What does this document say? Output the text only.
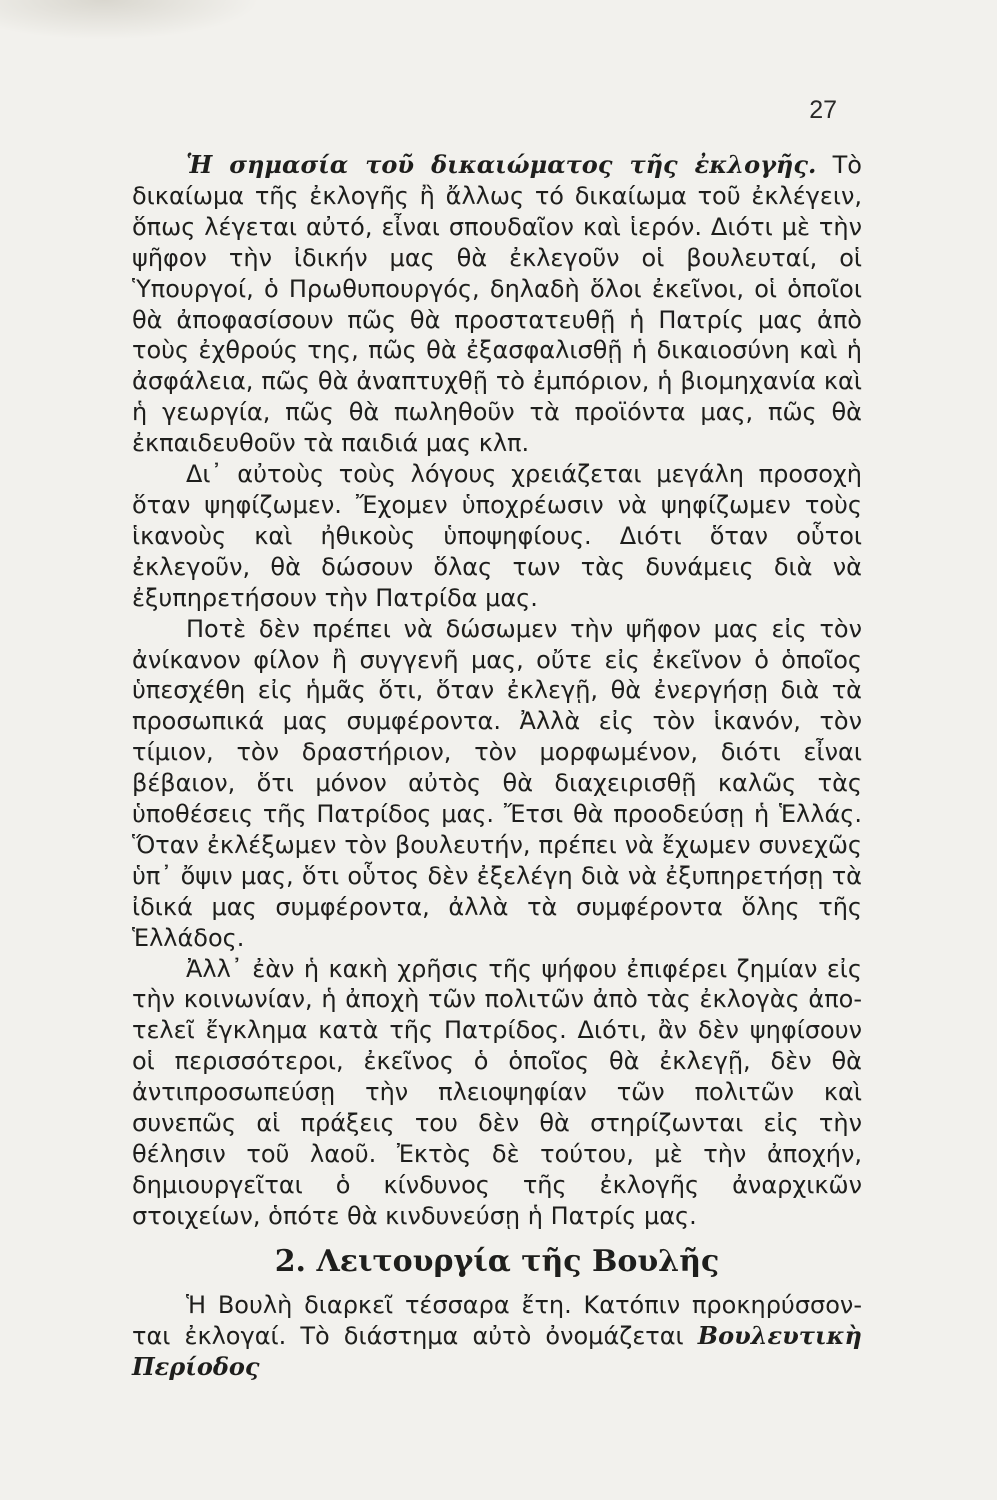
27

Ἡ σημασία τοῦ δικαιώματος τῆς ἐκλογῆς. Τὸ δικαίωμα τῆς ἐκλογῆς ἢ ἄλλως τό δικαίωμα τοῦ ἐκλέγειν, ὅπως λέγεται αὐτό, εἶναι σπουδαῖον καὶ ἱερόν. Διότι μὲ τὴν ψῆφον τὴν ἰδικήν μας θὰ ἐκλεγοῦν οἱ βουλευταί, οἱ Ὑπουργοί, ὁ Πρωθυπουργός, δηλαδὴ ὅλοι ἐκεῖνοι, οἱ ὁποῖοι θὰ ἀποφασίσουν πῶς θὰ προστατευθῇ ἡ Πατρίς μας ἀπὸ τοὺς ἐχθρούς της, πῶς θὰ ἐξασφαλισθῇ ἡ δικαιοσύνη καὶ ἡ ἀσφάλεια, πῶς θὰ ἀναπτυχθῇ τὸ ἐμπόριον, ἡ βιομηχανία καὶ ἡ γεωργία, πῶς θὰ πωληθοῦν τὰ προϊόντα μας, πῶς θὰ ἐκπαιδευθοῦν τὰ παιδιά μας κλπ.

Δι᾽ αὐτοὺς τοὺς λόγους χρειάζεται μεγάλη προσοχὴ ὅταν ψηφίζωμεν. Ἔχομεν ὑποχρέωσιν νὰ ψηφίζωμεν τοὺς ἱκανοὺς καὶ ἠθικοὺς ὑποψηφίους. Διότι ὅταν οὗτοι ἐκλεγοῦν, θὰ δώσουν ὅλας των τὰς δυνάμεις διὰ νὰ ἐξυπηρετήσουν τὴν Πατρίδα μας.

Ποτὲ δὲν πρέπει νὰ δώσωμεν τὴν ψῆφον μας εἰς τὸν ἀνίκανον φίλον ἢ συγγενῆ μας, οὔτε εἰς ἐκεῖνον ὁ ὁποῖος ὑπεσχέθη εἰς ἡμᾶς ὅτι, ὅταν ἐκλεγῇ, θὰ ἐνεργήσῃ διὰ τὰ προσωπικά μας συμφέροντα. Ἀλλὰ εἰς τὸν ἱκανόν, τὸν τίμιον, τὸν δραστήριον, τὸν μορφωμένον, διότι εἶναι βέβαιον, ὅτι μόνον αὐτὸς θὰ διαχειρισθῇ καλῶς τὰς ὑποθέσεις τῆς Πατρίδος μας. Ἔτσι θὰ προοδεύσῃ ἡ Ἑλλάς. Ὅταν ἐκλέξωμεν τὸν βουλευτήν, πρέπει νὰ ἔχωμεν συνεχῶς ὑπ᾽ ὄψιν μας, ὅτι οὗτος δὲν ἐξελέγη διὰ νὰ ἐξυπηρετήσῃ τὰ ἰδικά μας συμφέροντα, ἀλλὰ τὰ συμφέροντα ὅλης τῆς Ἑλλάδος.

Ἀλλ᾽ ἐὰν ἡ κακὴ χρῆσις τῆς ψήφου ἐπιφέρει ζημίαν εἰς τὴν κοινωνίαν, ἡ ἀποχὴ τῶν πολιτῶν ἀπὸ τὰς ἐκλογὰς ἀποτελεῖ ἔγκλημα κατὰ τῆς Πατρίδος. Διότι, ἂν δὲν ψηφίσουν οἱ περισσότεροι, ἐκεῖνος ὁ ὁποῖος θὰ ἐκλεγῇ, δὲν θὰ ἀντιπροσωπεύσῃ τὴν πλειοψηφίαν τῶν πολιτῶν καὶ συνεπῶς αἱ πράξεις του δὲν θὰ στηρίζωνται εἰς τὴν θέλησιν τοῦ λαοῦ. Ἐκτὸς δὲ τούτου, μὲ τὴν ἀποχήν, δημιουργεῖται ὁ κίνδυνος τῆς ἐκλογῆς ἀναρχικῶν στοιχείων, ὁπότε θὰ κινδυνεύσῃ ἡ Πατρίς μας.

2. Λειτουργία τῆς Βουλῆς

Ἡ Βουλὴ διαρκεῖ τέσσαρα ἔτη. Κατόπιν προκηρύσσονται ἐκλογαί. Τὸ διάστημα αὐτὸ ὀνομάζεται Βουλευτικὴ Περίοδος
